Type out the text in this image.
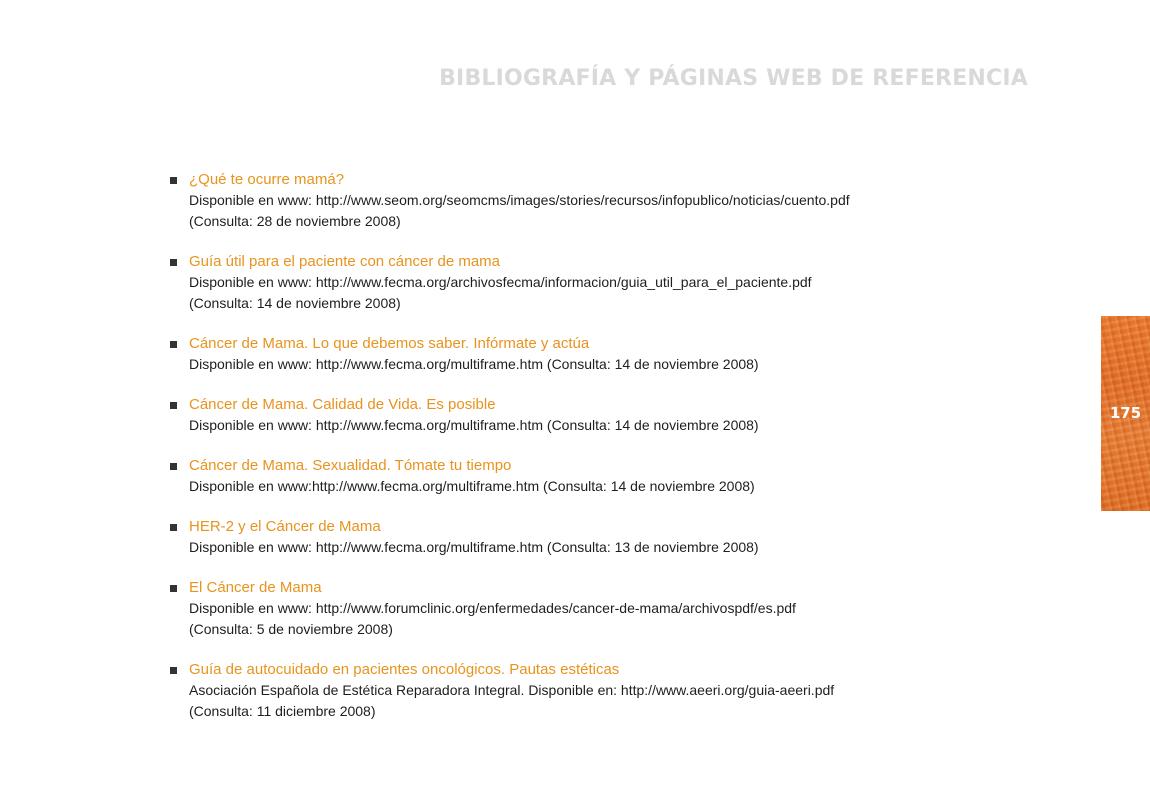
BIBLIOGRAFÍA Y PÁGINAS WEB DE REFERENCIA
¿Qué te ocurre mamá?
Disponible en www: http://www.seom.org/seomcms/images/stories/recursos/infopublico/noticias/cuento.pdf
(Consulta: 28 de noviembre 2008)
Guía útil para el paciente con cáncer de mama
Disponible en www: http://www.fecma.org/archivosfecma/informacion/guia_util_para_el_paciente.pdf
(Consulta: 14 de noviembre 2008)
Cáncer de Mama. Lo que debemos saber. Infórmate y actúa
Disponible en www: http://www.fecma.org/multiframe.htm (Consulta: 14 de noviembre 2008)
Cáncer de Mama. Calidad de Vida. Es posible
Disponible en www: http://www.fecma.org/multiframe.htm (Consulta: 14 de noviembre 2008)
Cáncer de Mama. Sexualidad. Tómate tu tiempo
Disponible en www:http://www.fecma.org/multiframe.htm (Consulta: 14 de noviembre 2008)
HER-2 y el Cáncer de Mama
Disponible en www: http://www.fecma.org/multiframe.htm (Consulta: 13 de noviembre 2008)
El Cáncer de Mama
Disponible en www: http://www.forumclinic.org/enfermedades/cancer-de-mama/archivospdf/es.pdf
(Consulta: 5 de noviembre 2008)
Guía de autocuidado en pacientes oncológicos. Pautas estéticas
Asociación Española de Estética Reparadora Integral. Disponible en: http://www.aeeri.org/guia-aeeri.pdf
(Consulta: 11 diciembre 2008)
175
